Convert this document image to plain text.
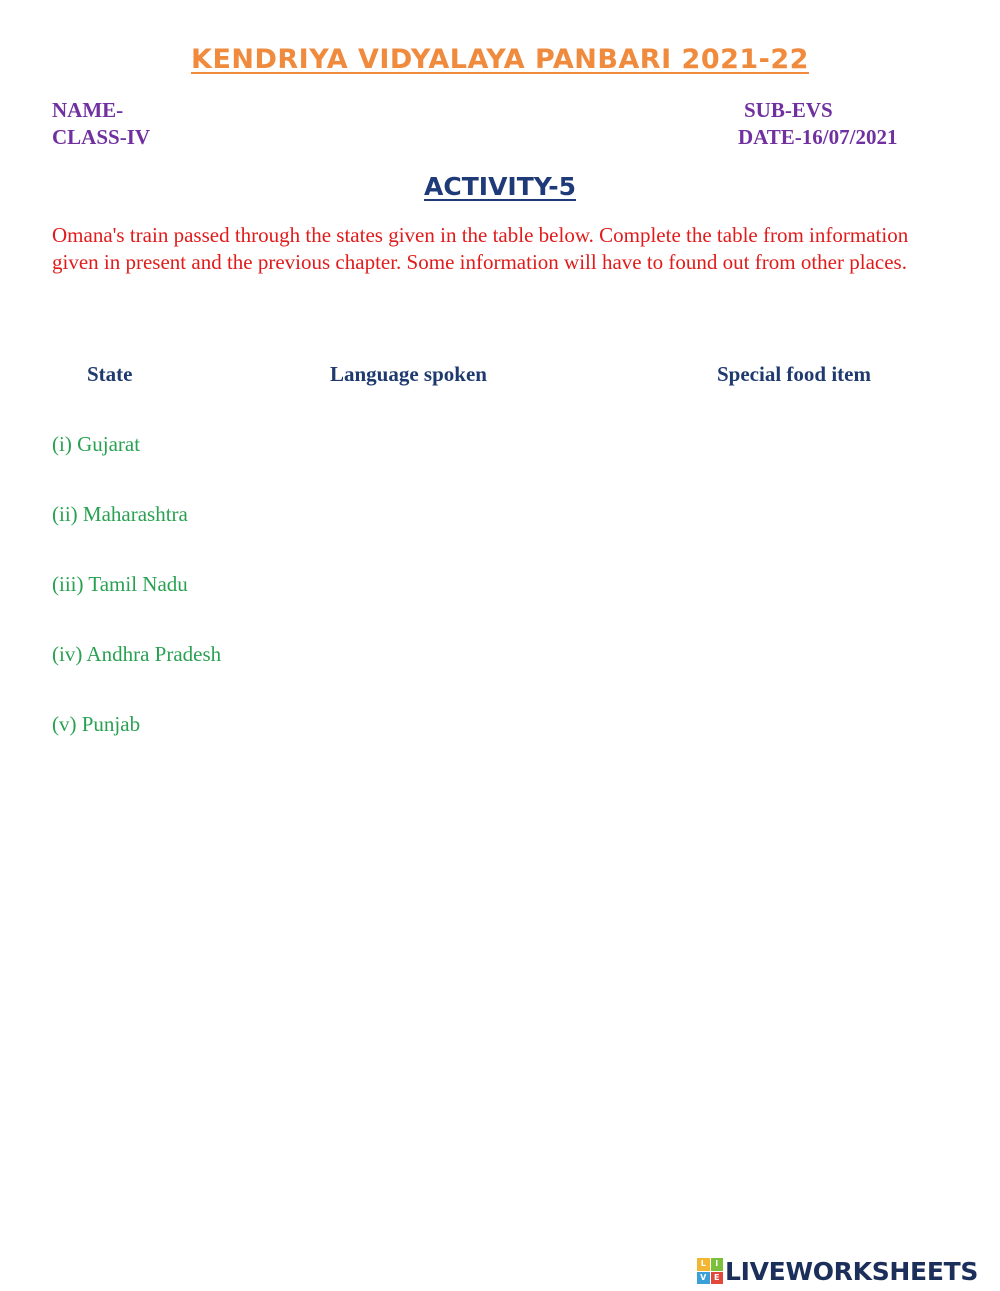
KENDRIYA VIDYALAYA PANBARI 2021-22
NAME-
CLASS-IV
SUB-EVS
DATE-16/07/2021
ACTIVITY-5
Omana's train passed through the states given in the table below. Complete the table from information given in present and the previous chapter. Some information will have to found out from other places.
State	Language spoken	Special food item
(i) Gujarat
(ii) Maharashtra
(iii) Tamil Nadu
(iv) Andhra Pradesh
(v) Punjab
L	I
V E LIVEWORKSHEETS
